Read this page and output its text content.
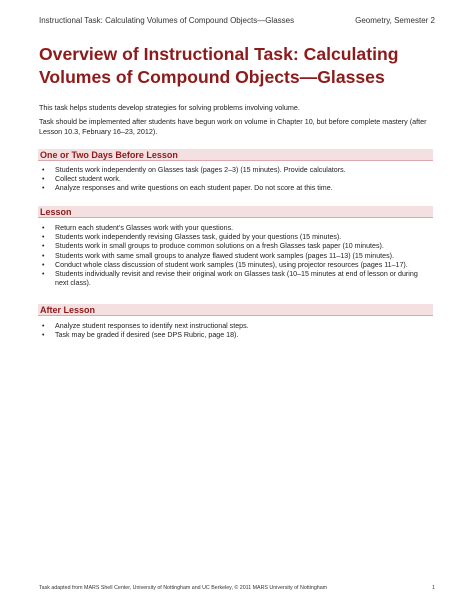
Instructional Task: Calculating Volumes of Compound Objects—Glasses	Geometry, Semester 2
Overview of Instructional Task: Calculating
Volumes of Compound Objects—Glasses

This task helps students develop strategies for solving problems involving volume.

Task should be implemented after students have begun work on volume in Chapter 10, but before complete mastery (after Lesson 10.3, February 16–23, 2012).

One or Two Days Before Lesson
• Students work independently on Glasses task (pages 2–3) (15 minutes). Provide calculators.
• Collect student work.
• Analyze responses and write questions on each student paper. Do not score at this time.
Lesson
• Return each student’s Glasses work with your questions.
• Students work independently revising Glasses task, guided by your questions (15 minutes).
• Students work in small groups to produce common solutions on a fresh Glasses task paper (10 minutes).
• Students work with same small groups to analyze flawed student work samples (pages 11–13) (15 minutes).
• Conduct whole class discussion of student work samples (15 minutes), using projector resources (pages 11–17).
• Students individually revisit and revise their original work on Glasses task (10–15 minutes at end of lesson or during next class).
After Lesson
• Analyze student responses to identify next instructional steps.
• Task may be graded if desired (see DPS Rubric, page 18).
Task adapted from MARS Shell Center, University of Nottingham and UC Berkeley, © 2011 MARS University of Nottingham	1
